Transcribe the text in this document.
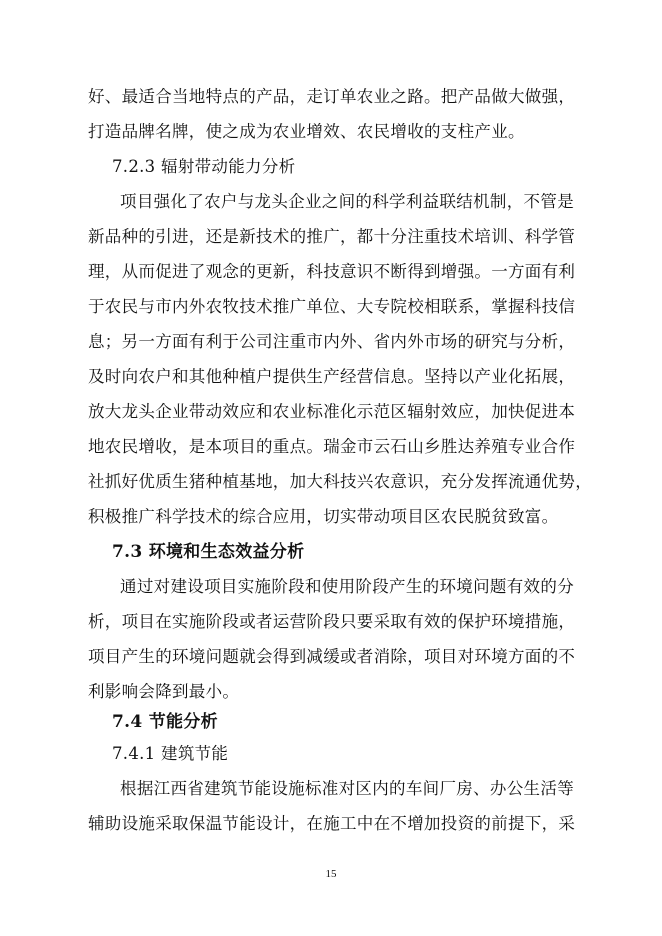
好、最适合当地特点的产品，走订单农业之路。把产品做大做强，
打造品牌名牌，使之成为农业增效、农民增收的支柱产业。
7.2.3 辐射带动能力分析
项目强化了农户与龙头企业之间的科学利益联结机制，不管是
新品种的引进，还是新技术的推广，都十分注重技术培训、科学管
理，从而促进了观念的更新，科技意识不断得到增强。一方面有利
于农民与市内外农牧技术推广单位、大专院校相联系，掌握科技信
息；另一方面有利于公司注重市内外、省内外市场的研究与分析，
及时向农户和其他种植户提供生产经营信息。坚持以产业化拓展，
放大龙头企业带动效应和农业标准化示范区辐射效应，加快促进本
地农民增收，是本项目的重点。瑞金市云石山乡胜达养殖专业合作
社抓好优质生猪种植基地，加大科技兴农意识，充分发挥流通优势，
积极推广科学技术的综合应用，切实带动项目区农民脱贫致富。
7.3 环境和生态效益分析
通过对建设项目实施阶段和使用阶段产生的环境问题有效的分
析，项目在实施阶段或者运营阶段只要采取有效的保护环境措施，
项目产生的环境问题就会得到减缓或者消除，项目对环境方面的不
利影响会降到最小。
7.4 节能分析
7.4.1 建筑节能
根据江西省建筑节能设施标准对区内的车间厂房、办公生活等
辅助设施采取保温节能设计，在施工中在不增加投资的前提下，采
15
